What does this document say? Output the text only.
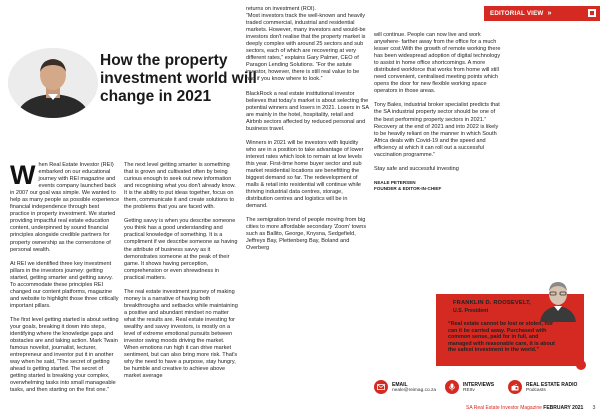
EDITORIAL VIEW »
How the property investment world will change in 2021

When Real Estate Investor (REI) embarked on our educational journey with REI magazine and events company launched back in 2007 our goal was simple. We wanted to help as many people as possible experience financial independence through best practice in property investment. We started providing impactful real estate education content, underpinned by sound financial principles alongside credible partners for property ownership as the cornerstone of personal wealth.

At REI we identified three key investment pillars in the investors journey: getting started, getting smarter and getting savvy. To accommodate these principles REI changed our content platforms, magazine and website to highlight those three critically important pillars.

The first level getting started is about setting your goals, breaking it down into steps, identifying where the knowledge gaps and obstacles are and taking action. Mark Twain famous novelist, journalist, lecturer, entrepreneur and inventor put it in another way when he said, “The secret of getting ahead is getting started. The secret of getting started is breaking your complex, overwhelming tasks into small manageable tasks, and then starting on the first one.”

The next level getting smarter is something that is grown and cultivated often by being curious enough to seek out new information and recognising what you don't already know. It is the ability to put ideas together, focus on them, communicate it and create solutions to the problems that you are faced with.

Getting savvy is when you describe someone you think has a good understanding and practical knowledge of something. It is a compliment if we describe someone as having the attribute of business savvy as it demonstrates someone at the peak of their game. It shows having perception, comprehension or even shrewdness in practical matters.

The real estate investment journey of making money is a narrative of having both breakthroughs and setbacks while maintaining a positive and abundant mindset no matter what the results are. Real estate investing for wealthy and savvy investors, is mostly on a level of extreme emotional pursuits between investor swing moods driving the market. When emotions run high it can drive market sentiment, but can also bring more risk. That's why the need to have a purpose, stay hungry, be humble and creative to achieve above market average

returns on investment (ROI).
“Most investors track the well-known and heavily traded commercial, industrial and residential markets. However, many investors and would-be investors don't realise that the property market is deeply complex with around 25 sectors and sub sectors, each of which are recovering at very different rates,” explains Gary Palmer, CEO of Paragon Lending Solutions. “For the astute investor, however, there is still real value to be had if you know where to look.”

BlackRock a real estate institutional investor believes that today's market is about selecting the potential winners and losers in 2021. Losers in SA are mainly in the hotel, hospitality, retail and Airbnb sectors affected by reduced personal and business travel.

Winners in 2021 will be investors with liquidity who are in a position to take advantage of lower interest rates which look to remain at low levels this year. First-time home buyer sector and sub market residential locations are benefitting the biggest demand so far. The redevelopment of malls & retail into residential will continue while thriving industrial data centres, storage, distribution centres and logistics will be in demand.

The semigration trend of people moving from big cities to more affordable secondary 'Zoom' towns such as Ballito, George, Knysna, Sedgefield, Jeffreys Bay, Plettenberg Bay, Boland and Overberg

will continue. People can now live and work anywhere- farther away from the office for a much lesser cost.With the growth of remote working there has been widespread adoption of digital technology to assist in home office shortcomings. A more distributed workforce that works from home will still need convenient, centralised meeting points which opens the door for new flexible working space operators in those areas.

Tony Bales, industrial broker specialist predicts that the SA industrial property sector should be one of the best performing property sectors in 2021.” Recovery at the end of 2021 and into 2022 is likely to be heavily reliant on the manner in which South Africa deals with Covid-19 and the speed and efficiency at which it can roll out a successful vaccination programme.”

Stay safe and successful investing

NEALE PETERSEN
FOUNDER & EDITOR-IN-CHIEF
FRANKLIN D. ROOSEVELT,
U.S. President
“Real estate cannot be lost or stolen, nor can it be carried away. Purchased with common sense, paid for in full, and managed with reasonable care, it is about the safest investment in the world.”
EMAIL
neale@reimag.co.za
INTERVIEWS
REItv
REAL ESTATE RADIO
Podcasts
SA Real Estate Investor Magazine FEBRUARY 2021 3
